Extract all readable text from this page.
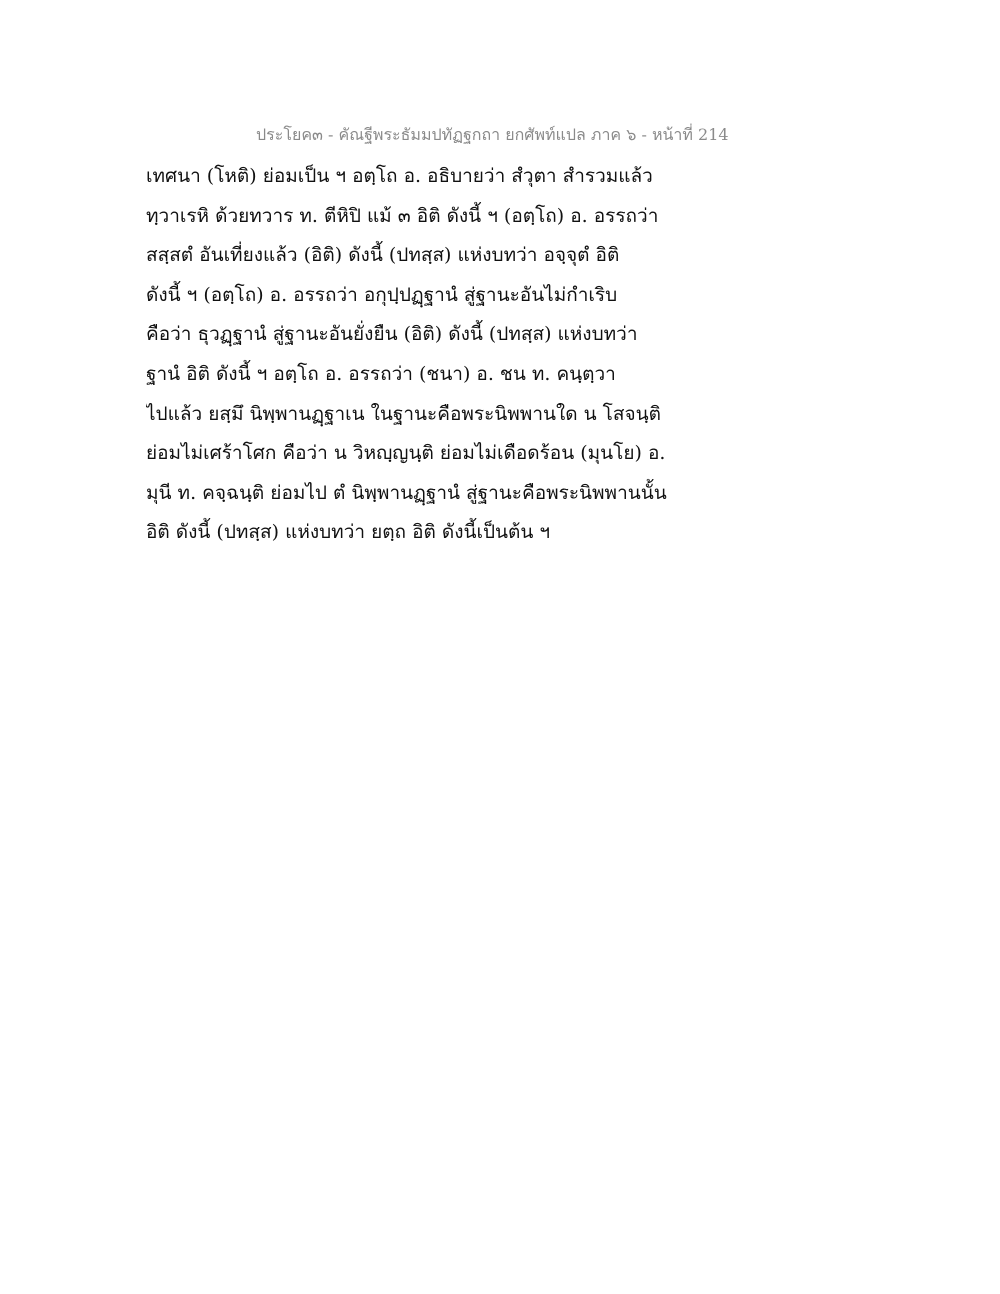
ประโยค๓ - คัณฐีพระธัมมปทัฏฐกถา ยกศัพท์แปล ภาค ๖ - หน้าที่ 214
เทศนา (โหติ) ย่อมเป็น ฯ อตฺโถ อ. อธิบายว่า สํวุตา สำรวมแล้ว
ทฺวาเรหิ ด้วยทวาร ท. ตีหิปิ แม้ ๓ อิติ ดังนี้ ฯ (อตฺโถ) อ. อรรถว่า
สสฺสตํ อันเที่ยงแล้ว (อิติ) ดังนี้ (ปทสฺส) แห่งบทว่า อจฺจุตํ อิติ
ดังนี้ ฯ (อตฺโถ) อ. อรรถว่า อกุปฺปฏฺฐานํ สู่ฐานะอันไม่กำเริบ
คือว่า ธุวฏฺฐานํ สู่ฐานะอันยั่งยืน (อิติ) ดังนี้ (ปทสฺส) แห่งบทว่า
ฐานํ อิติ ดังนี้ ฯ อตฺโถ อ. อรรถว่า (ชนา) อ. ชน ท. คนฺตฺวา
ไปแล้ว ยสฺมึ นิพฺพานฏฺฐาเน ในฐานะคือพระนิพพานใด น โสจนฺติ
ย่อมไม่เศร้าโศก คือว่า น วิหญฺญนฺติ ย่อมไม่เดือดร้อน (มุนโย) อ.
มุนี ท. คจฺฉนฺติ ย่อมไป ตํ นิพฺพานฏฺฐานํ สู่ฐานะคือพระนิพพานนั้น
อิติ ดังนี้ (ปทสฺส) แห่งบทว่า ยตฺถ อิติ ดังนี้เป็นต้น ฯ
